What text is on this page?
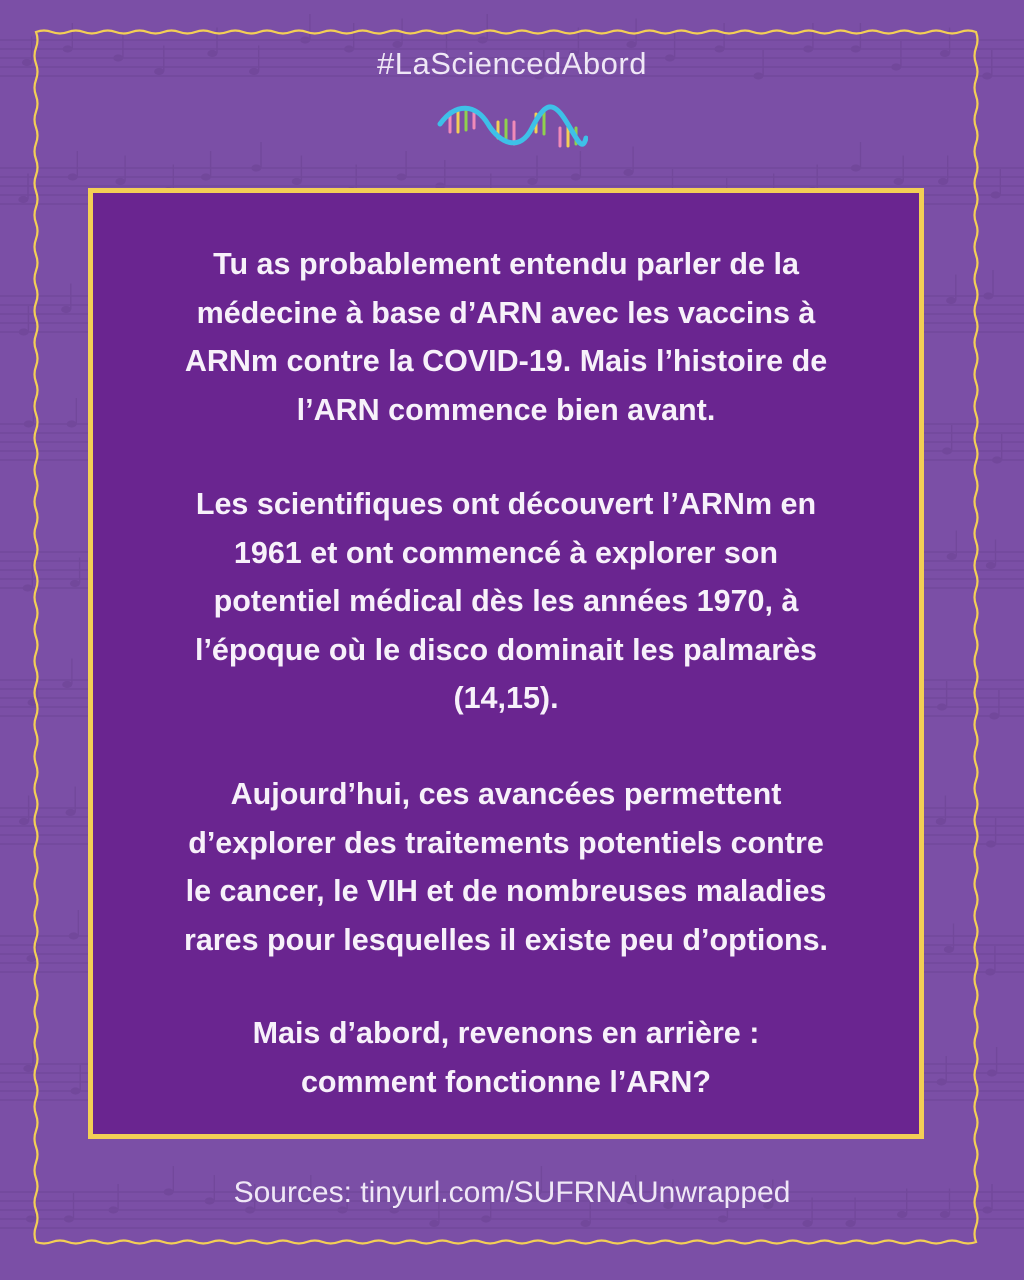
#LaSciencedAbord
Tu as probablement entendu parler de la
médecine à base d’ARN avec les vaccins à
ARNm contre la COVID-19. Mais l’histoire de
l’ARN commence bien avant.
Les scientifiques ont découvert l’ARNm en
1961 et ont commencé à explorer son
potentiel médical dès les années 1970, à
l’époque où le disco dominait les palmarès
(14,15).
Aujourd’hui, ces avancées permettent
d’explorer des traitements potentiels contre
le cancer, le VIH et de nombreuses maladies
rares pour lesquelles il existe peu d’options.
Mais d’abord, revenons en arrière :
comment fonctionne l’ARN?
Sources: tinyurl.com/SUFRNAUnwrapped
